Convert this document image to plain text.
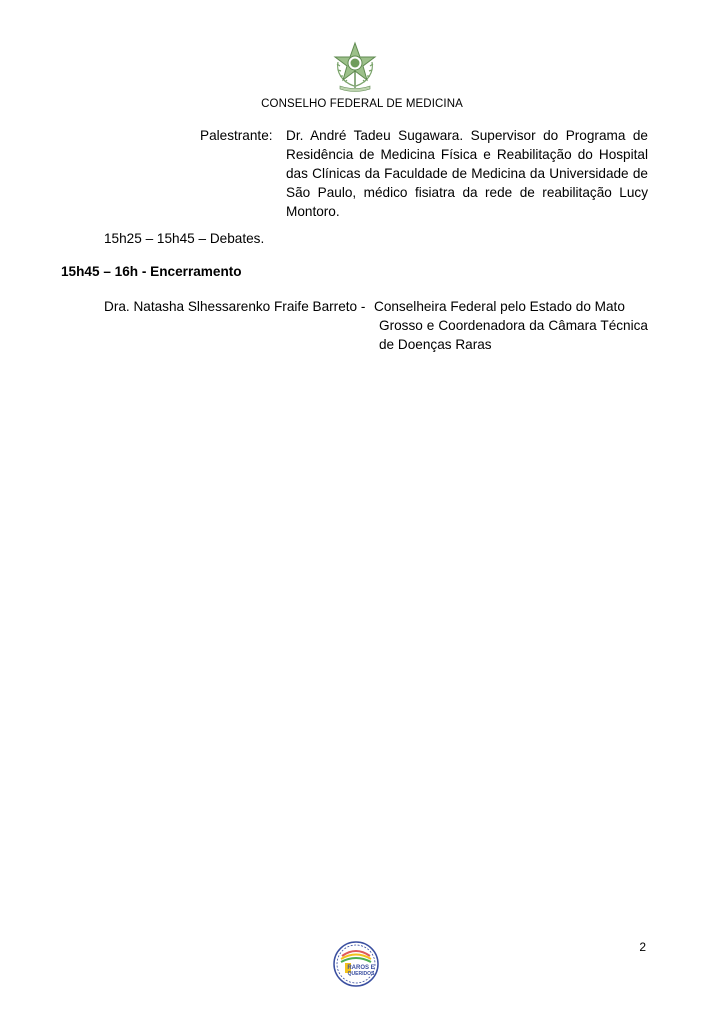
CONSELHO FEDERAL DE MEDICINA
Palestrante: Dr. André Tadeu Sugawara. Supervisor do Programa de Residência de Medicina Física e Reabilitação do Hospital das Clínicas da Faculdade de Medicina da Universidade de São Paulo, médico fisiatra da rede de reabilitação Lucy Montoro.
15h25 – 15h45 – Debates.
15h45 – 16h - Encerramento
Dra. Natasha Slhessarenko Fraife Barreto - Conselheira Federal pelo Estado do Mato
Grosso e Coordenadora da Câmara Técnica de Doenças Raras
2
RAROS E
QUERIDOS
